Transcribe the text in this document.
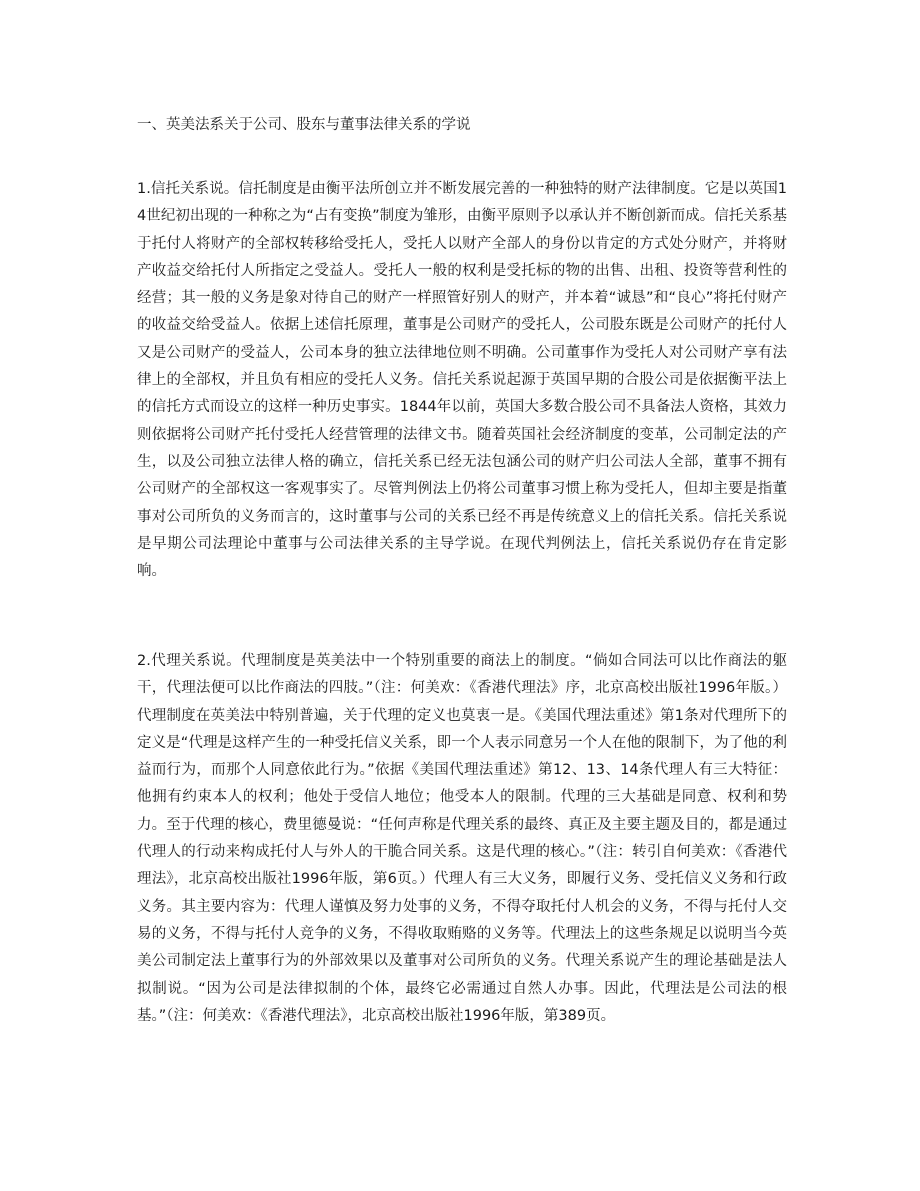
一、英美法系关于公司、股东与董事法律关系的学说

1.信托关系说。信托制度是由衡平法所创立并不断发展完善的一种独特的财产法律制度。它是以英国14世纪初出现的一种称之为“占有变换”制度为雏形，由衡平原则予以承认并不断创新而成。信托关系基于托付人将财产的全部权转移给受托人，受托人以财产全部人的身份以肯定的方式处分财产，并将财产收益交给托付人所指定之受益人。受托人一般的权利是受托标的物的出售、出租、投资等营利性的经营；其一般的义务是象对待自己的财产一样照管好别人的财产，并本着“诚恳”和“良心”将托付财产的收益交给受益人。依据上述信托原理，董事是公司财产的受托人，公司股东既是公司财产的托付人又是公司财产的受益人，公司本身的独立法律地位则不明确。公司董事作为受托人对公司财产享有法律上的全部权，并且负有相应的受托人义务。信托关系说起源于英国早期的合股公司是依据衡平法上的信托方式而设立的这样一种历史事实。1844年以前，英国大多数合股公司不具备法人资格，其效力则依据将公司财产托付受托人经营管理的法律文书。随着英国社会经济制度的变革，公司制定法的产生，以及公司独立法律人格的确立，信托关系已经无法包涵公司的财产归公司法人全部，董事不拥有公司财产的全部权这一客观事实了。尽管判例法上仍将公司董事习惯上称为受托人，但却主要是指董事对公司所负的义务而言的，这时董事与公司的关系已经不再是传统意义上的信托关系。信托关系说是早期公司法理论中董事与公司法律关系的主导学说。在现代判例法上，信托关系说仍存在肯定影响。

2.代理关系说。代理制度是英美法中一个特别重要的商法上的制度。“倘如合同法可以比作商法的躯干，代理法便可以比作商法的四肢。”（注：何美欢：《香港代理法》序，北京高校出版社1996年版。）代理制度在英美法中特别普遍，关于代理的定义也莫衷一是。《美国代理法重述》第1条对代理所下的定义是“代理是这样产生的一种受托信义关系，即一个人表示同意另一个人在他的限制下，为了他的利益而行为，而那个人同意依此行为。”依据《美国代理法重述》第12、13、14条代理人有三大特征：他拥有约束本人的权利；他处于受信人地位；他受本人的限制。代理的三大基础是同意、权利和势力。至于代理的核心，费里德曼说：“任何声称是代理关系的最终、真正及主要主题及目的，都是通过代理人的行动来构成托付人与外人的干脆合同关系。这是代理的核心。”（注：转引自何美欢：《香港代理法》，北京高校出版社1996年版，第6页。）代理人有三大义务，即履行义务、受托信义义务和行政义务。其主要内容为：代理人谨慎及努力处事的义务，不得夺取托付人机会的义务，不得与托付人交易的义务，不得与托付人竞争的义务，不得收取贿赂的义务等。代理法上的这些条规足以说明当今英美公司制定法上董事行为的外部效果以及董事对公司所负的义务。代理关系说产生的理论基础是法人拟制说。“因为公司是法律拟制的个体，最终它必需通过自然人办事。因此，代理法是公司法的根基。”（注：何美欢：《香港代理法》，北京高校出版社1996年版，第389页。
